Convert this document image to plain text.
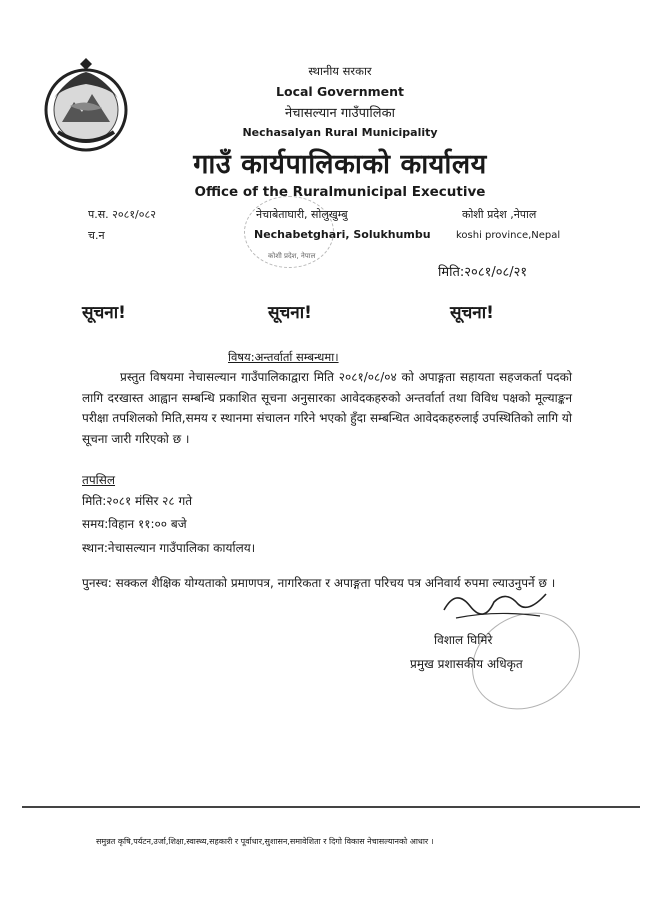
स्थानीय सरकार
Local Government
नेचासल्यान गाउँपालिका
Nechasalyan Rural Municipality
गाउँ कार्यपालिकाको कार्यालय
Office of the Ruralmunicipal Executive
कोशी प्रदेश, नेपाल
प.स. २०८१/०८२
च.न
नेचाबेताघारी, सोलुखुम्बु
Nechabetghari, Solukhumbu
कोशी प्रदेश ,नेपाल
koshi province,Nepal
मिति:२०८१/०८/२१
सूचना!	सूचना!	सूचना!
विषय:अन्तर्वार्ता सम्बन्धमा।

प्रस्तुत विषयमा नेचासल्यान गाउँपालिकाद्वारा मिति २०८१/०८/०४ को अपाङ्गता सहायता सहजकर्ता पदको लागि दरखास्त आह्वान सम्बन्धि प्रकाशित सूचना अनुसारका आवेदकहरुको अन्तर्वार्ता तथा विविध पक्षको मूल्याङ्कन परीक्षा तपशिलको मिति,समय र स्थानमा संचालन गरिने भएको हुँदा सम्बन्धित आवेदकहरुलाई उपस्थितिको लागि यो सूचना जारी गरिएको छ ।

तपसिल
मिति:२०८१ मंसिर २८ गते
समय:विहान ११:०० बजे
स्थान:नेचासल्यान गाउँपालिका कार्यालय।

पुनस्च: सक्कल शैक्षिक योग्यताको प्रमाणपत्र, नागरिकता र अपाङ्गता परिचय पत्र अनिवार्य रुपमा ल्याउनुपर्ने छ ।

विशाल घिमिरे
प्रमुख प्रशासकीय अधिकृत
समुन्नत कृषि,पर्यटन,उर्जा,शिक्षा,स्वास्थ्य,सहकारी र पूर्वाधार,सुशासन,समावेशिता र दिगो विकास नेचासल्यानको आधार ।
